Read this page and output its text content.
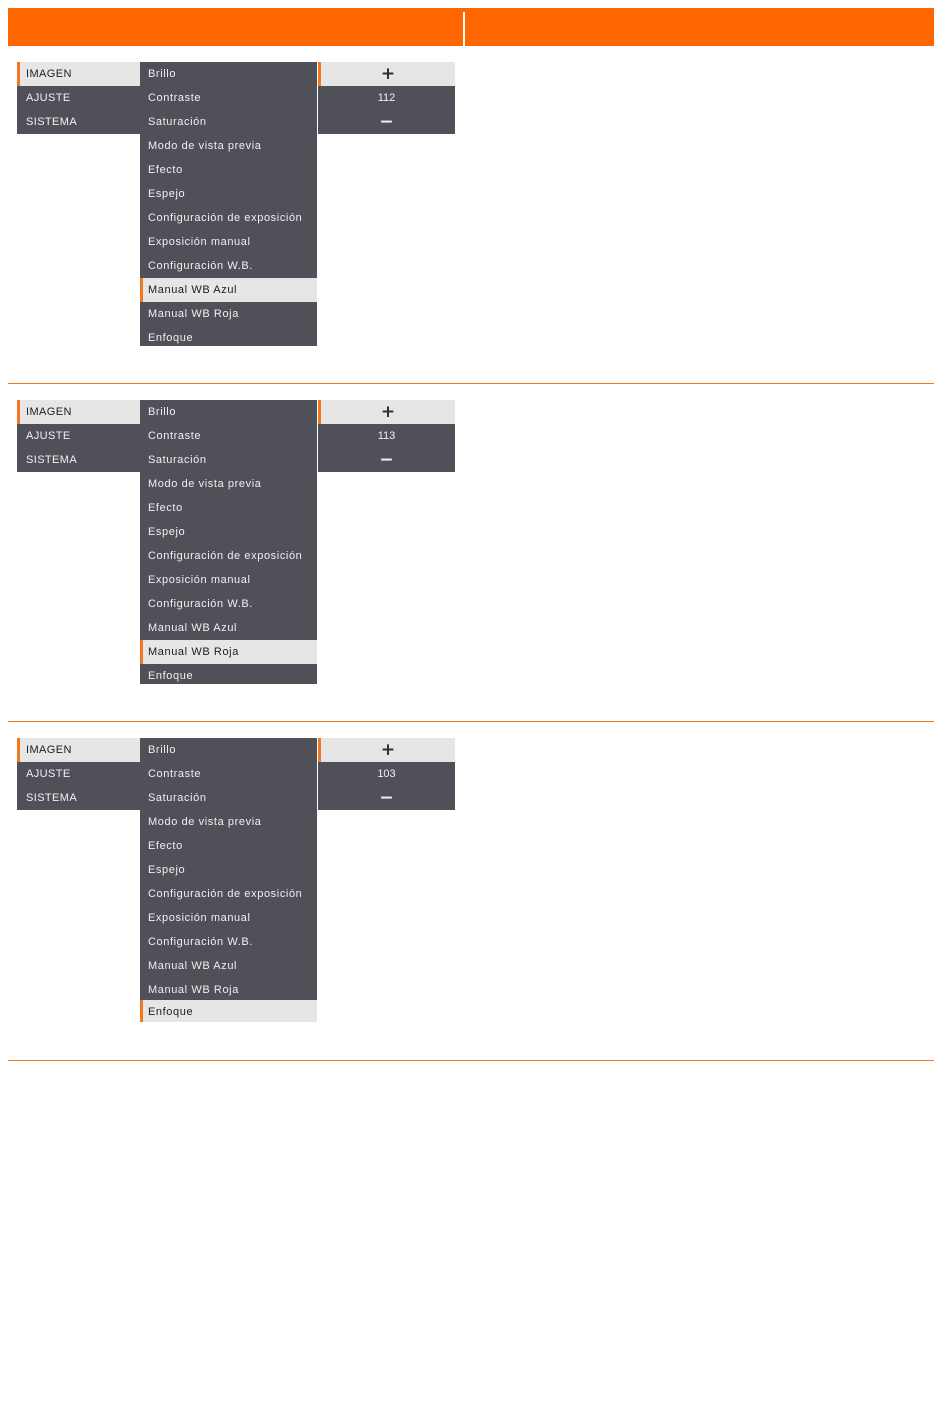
IMAGEN
AJUSTE
SISTEMA
Brillo
Contraste
Saturación
Modo de vista previa
Efecto
Espejo
Configuración de exposición
Exposición manual
Configuración W.B.
Manual WB Azul
Manual WB Roja
Enfoque
+
112
−
IMAGEN
AJUSTE
SISTEMA
Brillo
Contraste
Saturación
Modo de vista previa
Efecto
Espejo
Configuración de exposición
Exposición manual
Configuración W.B.
Manual WB Azul
Manual WB Roja
Enfoque
+
113
−
IMAGEN
AJUSTE
SISTEMA
Brillo
Contraste
Saturación
Modo de vista previa
Efecto
Espejo
Configuración de exposición
Exposición manual
Configuración W.B.
Manual WB Azul
Manual WB Roja
Enfoque
+
103
−
